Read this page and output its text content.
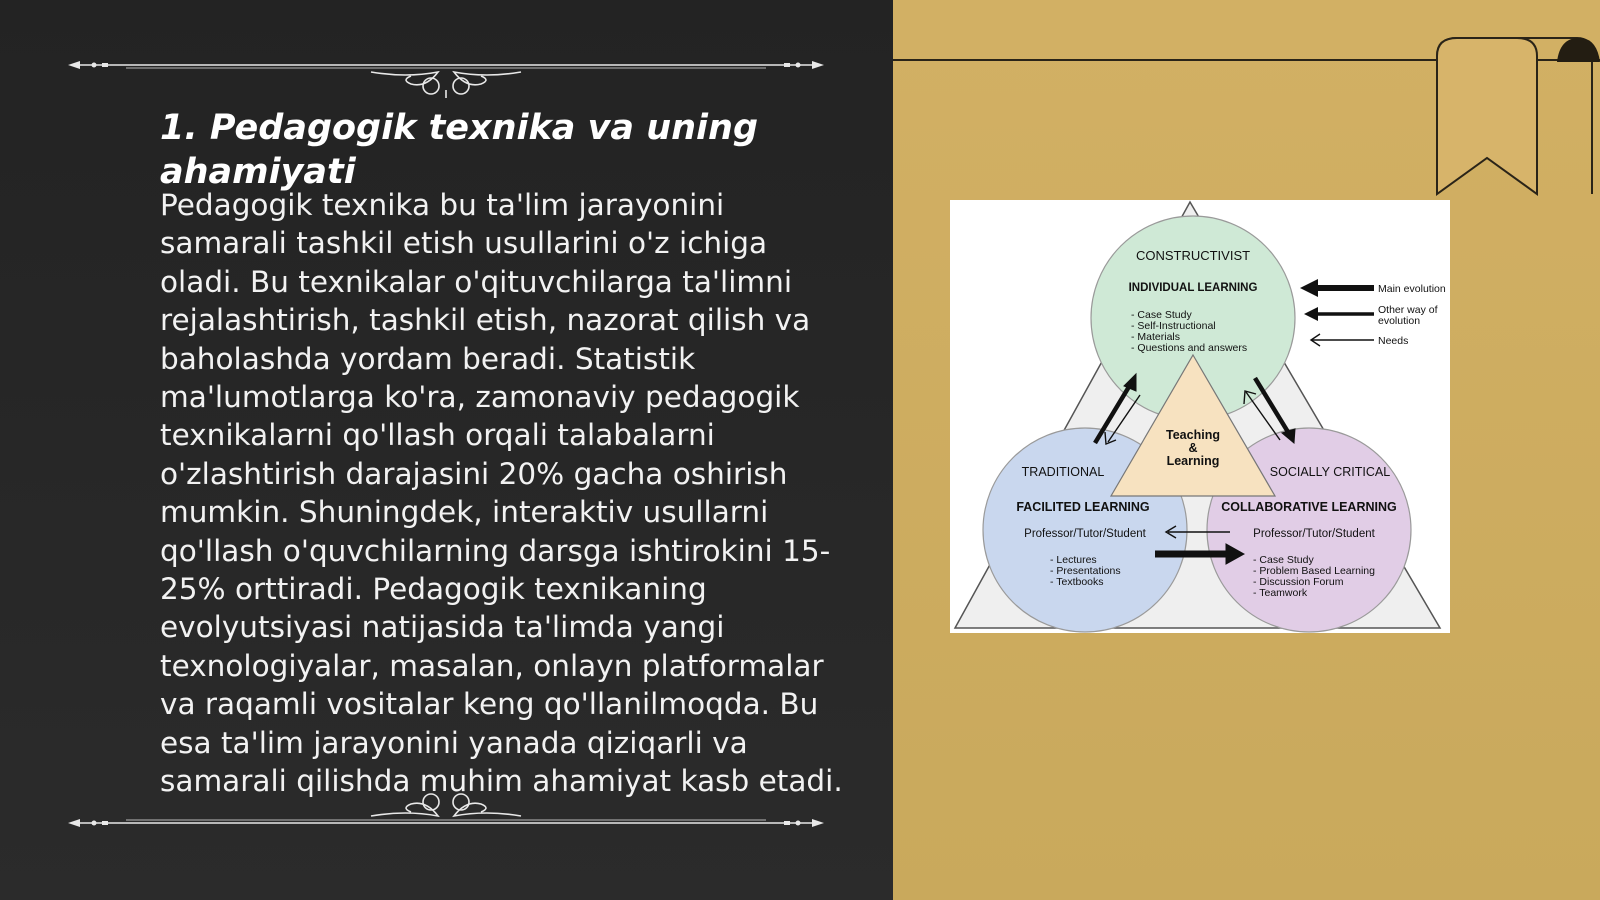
1. Pedagogik texnika va uning ahamiyati
Pedagogik texnika bu ta'lim jarayonini samarali tashkil etish usullarini o'z ichiga oladi. Bu texnikalar o'qituvchilarga ta'limni rejalashtirish, tashkil etish, nazorat qilish va baholashda yordam beradi. Statistik ma'lumotlarga ko'ra, zamonaviy pedagogik texnikalarni qo'llash orqali talabalarni o'zlashtirish darajasini 20% gacha oshirish mumkin. Shuningdek, interaktiv usullarni qo'llash o'quvchilarning darsga ishtirokini 15-25% orttiradi. Pedagogik texnikaning evolyutsiyasi natijasida ta'limda yangi texnologiyalar, masalan, onlayn platformalar va raqamli vositalar keng qo'llanilmoqda. Bu esa ta'lim jarayonini yanada qiziqarli va samarali qilishda muhim ahamiyat kasb etadi.
CONSTRUCTIVIST
INDIVIDUAL LEARNING
- Case Study
- Self-Instructional
- Materials
- Questions and answers
Teaching
&
Learning
TRADITIONAL
FACILITED LEARNING
Professor/Tutor/Student
- Lectures
- Presentations
- Textbooks
SOCIALLY CRITICAL
COLLABORATIVE LEARNING
Professor/Tutor/Student
- Case Study
- Problem Based Learning
- Discussion Forum
- Teamwork
Main evolution
Other way of
evolution
Needs
